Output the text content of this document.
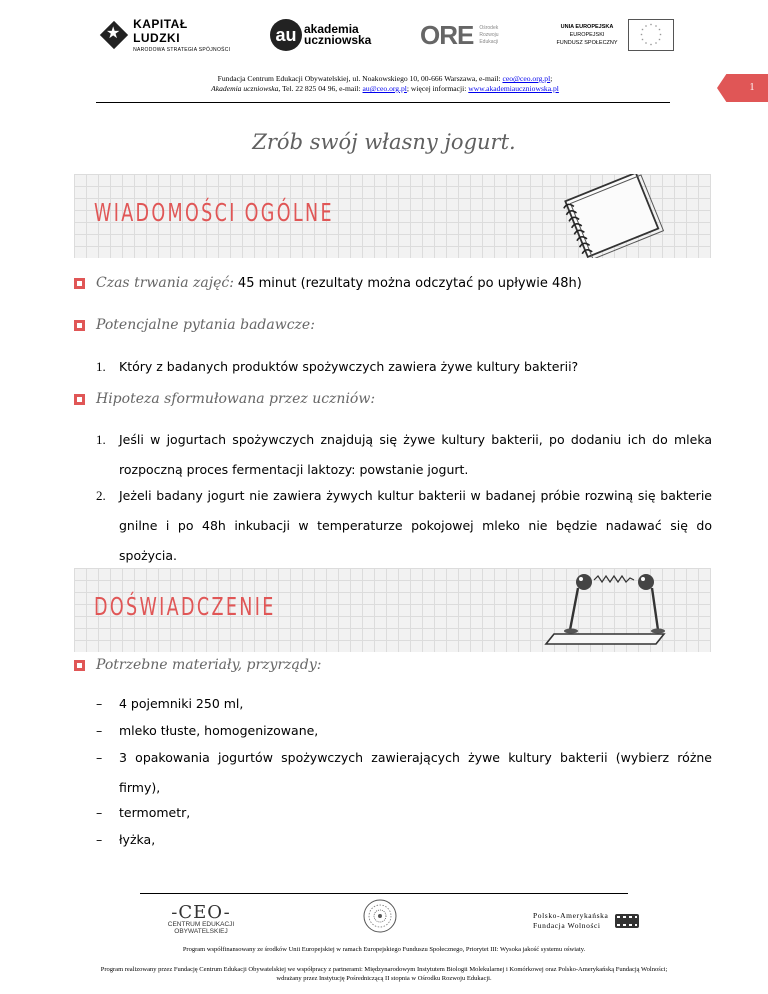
★ KAPITAŁ LUDZKI
NARODOWA STRATEGIA SPÓJNOŚCI
au akademia
uczniowska ORE Ośrodek
Rozwoju
Edukacji
UNIA EUROPEJSKA
EUROPEJSKI
FUNDUSZ SPOŁECZNY
* *
*
*
*
*
*
*
*
*
*
*
Fundacja Centrum Edukacji Obywatelskiej, ul. Noakowskiego 10, 00-666 Warszawa, e-mail: ceo@ceo.org.pl;
Akademia uczniowska, Tel. 22 825 04 96, e-mail: au@ceo.org.pl; więcej informacji: www.akademiauczniowska.pl	1
Zrób swój własny jogurt.
WIADOMOŚCI OGÓLNE
Czas trwania zajęć: 45 minut (rezultaty można odczytać po upływie 48h)
Potencjalne pytania badawcze:
1. Który z badanych produktów spożywczych zawiera żywe kultury bakterii?
Hipoteza sformułowana przez uczniów:
1. Jeśli w jogurtach spożywczych znajdują się żywe kultury bakterii, po dodaniu ich do mleka rozpoczną proces fermentacji laktozy: powstanie jogurt.
2. Jeżeli badany jogurt nie zawiera żywych kultur bakterii w badanej próbie rozwiną się bakterie gnilne i po 48h inkubacji w temperaturze pokojowej mleko nie będzie nadawać się do spożycia.
DOŚWIADCZENIE
Potrzebne materiały, przyrządy:
– 4 pojemniki 250 ml,
– mleko tłuste, homogenizowane,
– 3 opakowania jogurtów spożywczych zawierających żywe kultury bakterii (wybierz różne firmy),
– termometr,
– łyżka,
-CEO-
CENTRUM EDUKACJI OBYWATELSKIEJ
Polsko-Amerykańska
Fundacja Wolności
Program współfinansowany ze środków Unii Europejskiej w ramach Europejskiego Funduszu Społecznego, Priorytet III: Wysoka jakość systemu oświaty.
Program realizowany przez Fundację Centrum Edukacji Obywatelskiej we współpracy z partnerami: Międzynarodowym Instytutem Biologii Molekularnej i Komórkowej oraz Polsko-Amerykańską Fundacją Wolności;
wdrażany przez Instytucję Pośredniczącą II stopnia w Ośrodku Rozwoju Edukacji.
